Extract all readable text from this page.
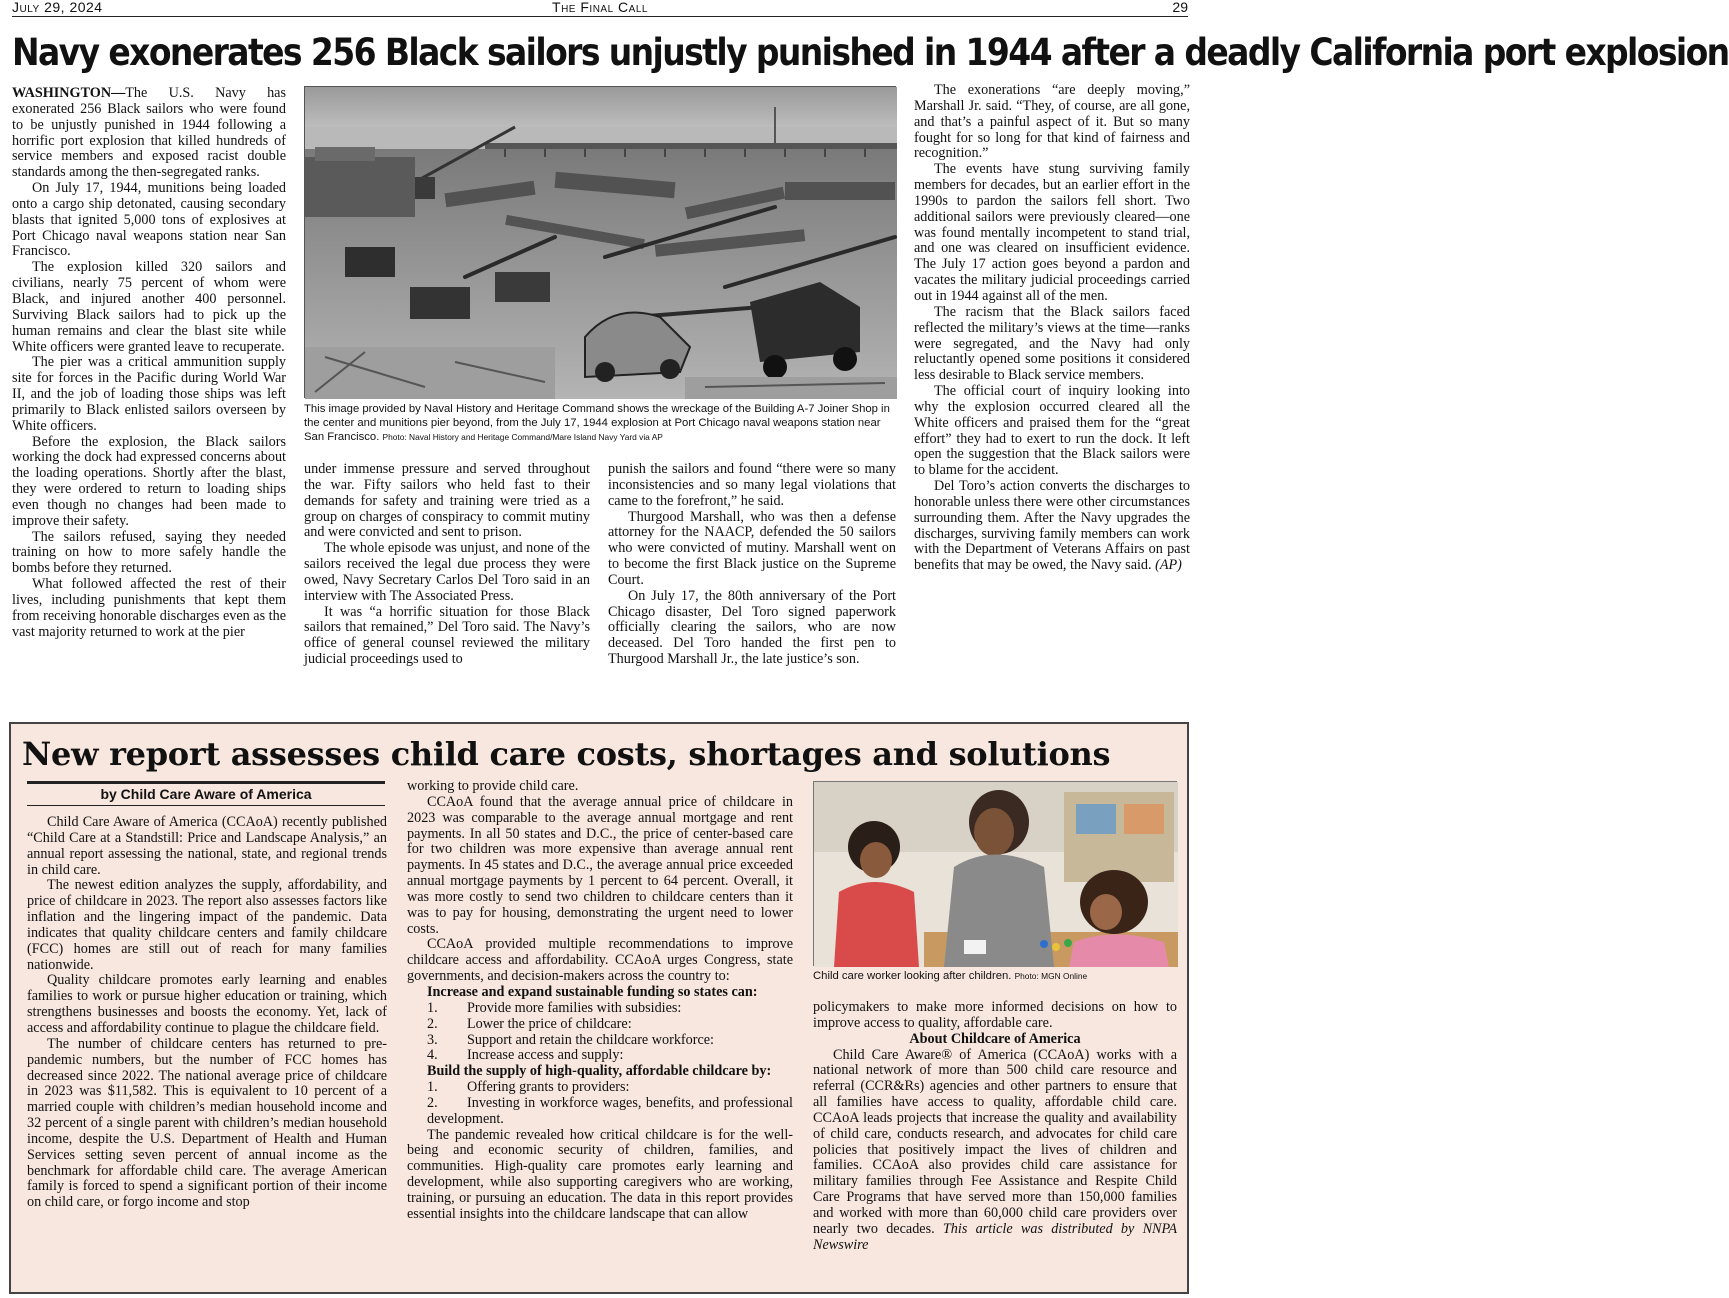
July 29, 2024	The Final Call	29
Navy exonerates 256 Black sailors unjustly punished in 1944 after a deadly California port explosion

WASHINGTON—The U.S. Navy has exonerated 256 Black sailors who were found to be unjustly punished in 1944 following a horrific port explosion that killed hundreds of service members and exposed racist double standards among the then-segregated ranks.

On July 17, 1944, munitions being loaded onto a cargo ship detonated, causing secondary blasts that ignited 5,000 tons of explosives at Port Chicago naval weapons station near San Francisco.

The explosion killed 320 sailors and civilians, nearly 75 percent of whom were Black, and injured another 400 personnel. Surviving Black sailors had to pick up the human remains and clear the blast site while White officers were granted leave to recuperate.

The pier was a critical ammunition supply site for forces in the Pacific during World War II, and the job of loading those ships was left primarily to Black enlisted sailors overseen by White officers.

Before the explosion, the Black sailors working the dock had expressed concerns about the loading operations. Shortly after the blast, they were ordered to return to loading ships even though no changes had been made to improve their safety.

The sailors refused, saying they needed training on how to more safely handle the bombs before they returned.

What followed affected the rest of their lives, including punishments that kept them from receiving honorable discharges even as the vast majority returned to work at the pier

This image provided by Naval History and Heritage Command shows the wreckage of the Building A-7 Joiner Shop in the center and munitions pier beyond, from the July 17, 1944 explosion at Port Chicago naval weapons station near San Francisco. Photo: Naval History and Heritage Command/Mare Island Navy Yard via AP

under immense pressure and served throughout the war. Fifty sailors who held fast to their demands for safety and training were tried as a group on charges of conspiracy to commit mutiny and were convicted and sent to prison.

The whole episode was unjust, and none of the sailors received the legal due process they were owed, Navy Secretary Carlos Del Toro said in an interview with The Associated Press.

It was “a horrific situation for those Black sailors that remained,” Del Toro said. The Navy’s office of general counsel reviewed the military judicial proceedings used to

punish the sailors and found “there were so many inconsistencies and so many legal violations that came to the forefront,” he said.

Thurgood Marshall, who was then a defense attorney for the NAACP, defended the 50 sailors who were convicted of mutiny. Marshall went on to become the first Black justice on the Supreme Court.

On July 17, the 80th anniversary of the Port Chicago disaster, Del Toro signed paperwork officially clearing the sailors, who are now deceased. Del Toro handed the first pen to Thurgood Marshall Jr., the late justice’s son.

The exonerations “are deeply moving,” Marshall Jr. said. “They, of course, are all gone, and that’s a painful aspect of it. But so many fought for so long for that kind of fairness and recognition.”

The events have stung surviving family members for decades, but an earlier effort in the 1990s to pardon the sailors fell short. Two additional sailors were previously cleared—one was found mentally incompetent to stand trial, and one was cleared on insufficient evidence. The July 17 action goes beyond a pardon and vacates the military judicial proceedings carried out in 1944 against all of the men.

The racism that the Black sailors faced reflected the military’s views at the time—ranks were segregated, and the Navy had only reluctantly opened some positions it considered less desirable to Black service members.

The official court of inquiry looking into why the explosion occurred cleared all the White officers and praised them for the “great effort” they had to exert to run the dock. It left open the suggestion that the Black sailors were to blame for the accident.

Del Toro’s action converts the discharges to honorable unless there were other circumstances surrounding them. After the Navy upgrades the discharges, surviving family members can work with the Department of Veterans Affairs on past benefits that may be owed, the Navy said. (AP)

New report assesses child care costs, shortages and solutions
by Child Care Aware of America

Child Care Aware of America (CCAoA) recently published “Child Care at a Standstill: Price and Landscape Analysis,” an annual report assessing the national, state, and regional trends in child care.

The newest edition analyzes the supply, affordability, and price of childcare in 2023. The report also assesses factors like inflation and the lingering impact of the pandemic. Data indicates that quality childcare centers and family childcare (FCC) homes are still out of reach for many families nationwide.

Quality childcare promotes early learning and enables families to work or pursue higher education or training, which strengthens businesses and boosts the economy. Yet, lack of access and affordability continue to plague the childcare field.

The number of childcare centers has returned to pre-pandemic numbers, but the number of FCC homes has decreased since 2022. The national average price of childcare in 2023 was $11,582. This is equivalent to 10 percent of a married couple with children’s median household income and 32 percent of a single parent with children’s median household income, despite the U.S. Department of Health and Human Services setting seven percent of annual income as the benchmark for affordable child care. The average American family is forced to spend a significant portion of their income on child care, or forgo income and stop

working to provide child care.

CCAoA found that the average annual price of childcare in 2023 was comparable to the average annual mortgage and rent payments. In all 50 states and D.C., the price of center-based care for two children was more expensive than average annual rent payments. In 45 states and D.C., the average annual price exceeded annual mortgage payments by 1 percent to 64 percent. Overall, it was more costly to send two children to childcare centers than it was to pay for housing, demonstrating the urgent need to lower costs.

CCAoA provided multiple recommendations to improve childcare access and affordability. CCAoA urges Congress, state governments, and decision-makers across the country to:

Increase and expand sustainable funding so states can:

1. Provide more families with subsidies:

2. Lower the price of childcare:

3. Support and retain the childcare workforce:

4. Increase access and supply:

Build the supply of high-quality, affordable childcare by:

1. Offering grants to providers:

2. Investing in workforce wages, benefits, and professional development.

The pandemic revealed how critical childcare is for the well-being and economic security of children, families, and communities. High-quality care promotes early learning and development, while also supporting caregivers who are working, training, or pursuing an education. The data in this report provides essential insights into the childcare landscape that can allow

Child care worker looking after children. Photo: MGN Online

policymakers to make more informed decisions on how to improve access to quality, affordable care.

About Childcare of America

Child Care Aware® of America (CCAoA) works with a national network of more than 500 child care resource and referral (CCR&Rs) agencies and other partners to ensure that all families have access to quality, affordable child care. CCAoA leads projects that increase the quality and availability of child care, conducts research, and advocates for child care policies that positively impact the lives of children and families. CCAoA also provides child care assistance for military families through Fee Assistance and Respite Child Care Programs that have served more than 150,000 families and worked with more than 60,000 child care providers over nearly two decades. This article was distributed by NNPA Newswire
